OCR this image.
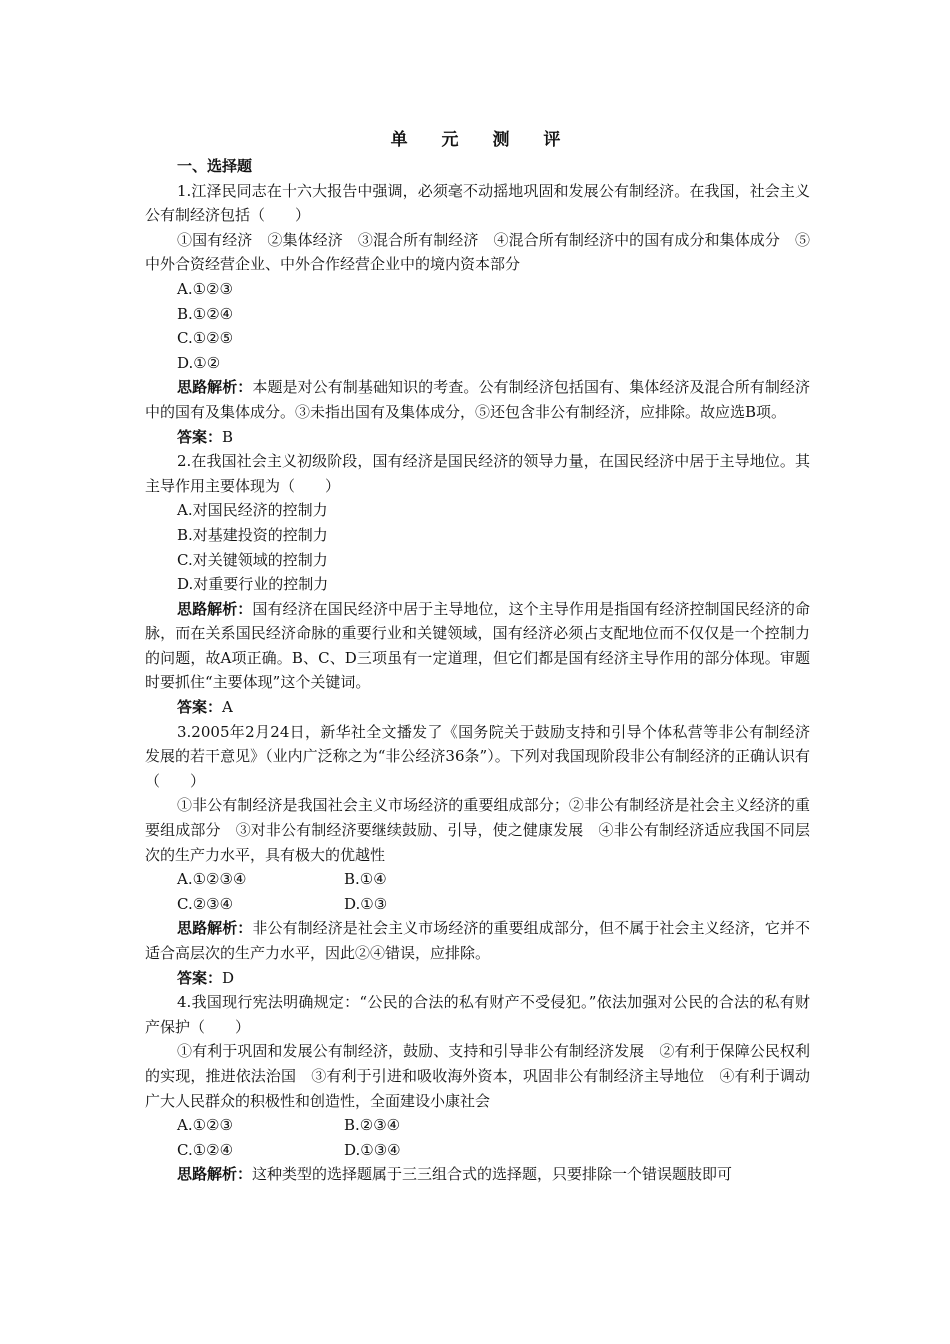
单 元 测 评
一、选择题
1.江泽民同志在十六大报告中强调，必须毫不动摇地巩固和发展公有制经济。在我国，社会主义公有制经济包括（　　）
①国有经济　②集体经济　③混合所有制经济　④混合所有制经济中的国有成分和集体成分　⑤中外合资经营企业、中外合作经营企业中的境内资本部分
A.①②③
B.①②④
C.①②⑤
D.①②
思路解析：本题是对公有制基础知识的考查。公有制经济包括国有、集体经济及混合所有制经济中的国有及集体成分。③未指出国有及集体成分，⑤还包含非公有制经济，应排除。故应选B项。
答案：B
2.在我国社会主义初级阶段，国有经济是国民经济的领导力量，在国民经济中居于主导地位。其主导作用主要体现为（　　）
A.对国民经济的控制力
B.对基建投资的控制力
C.对关键领域的控制力
D.对重要行业的控制力
思路解析：国有经济在国民经济中居于主导地位，这个主导作用是指国有经济控制国民经济的命脉，而在关系国民经济命脉的重要行业和关键领域，国有经济必须占支配地位而不仅仅是一个控制力的问题，故A项正确。B、C、D三项虽有一定道理，但它们都是国有经济主导作用的部分体现。审题时要抓住“主要体现”这个关键词。
答案：A
3.2005年2月24日，新华社全文播发了《国务院关于鼓励支持和引导个体私营等非公有制经济发展的若干意见》（业内广泛称之为“非公经济36条”）。下列对我国现阶段非公有制经济的正确认识有（　　）
①非公有制经济是我国社会主义市场经济的重要组成部分；②非公有制经济是社会主义经济的重要组成部分　③对非公有制经济要继续鼓励、引导，使之健康发展　④非公有制经济适应我国不同层次的生产力水平，具有极大的优越性
A.①②③④	B.①④
C.②③④	D.①③
思路解析：非公有制经济是社会主义市场经济的重要组成部分，但不属于社会主义经济，它并不适合高层次的生产力水平，因此②④错误，应排除。
答案：D
4.我国现行宪法明确规定：“公民的合法的私有财产不受侵犯。”依法加强对公民的合法的私有财产保护（　　）
①有利于巩固和发展公有制经济，鼓励、支持和引导非公有制经济发展　②有利于保障公民权利的实现，推进依法治国　③有利于引进和吸收海外资本，巩固非公有制经济主导地位　④有利于调动广大人民群众的积极性和创造性，全面建设小康社会
A.①②③	B.②③④
C.①②④	D.①③④
思路解析：这种类型的选择题属于三三组合式的选择题，只要排除一个错误题肢即可
